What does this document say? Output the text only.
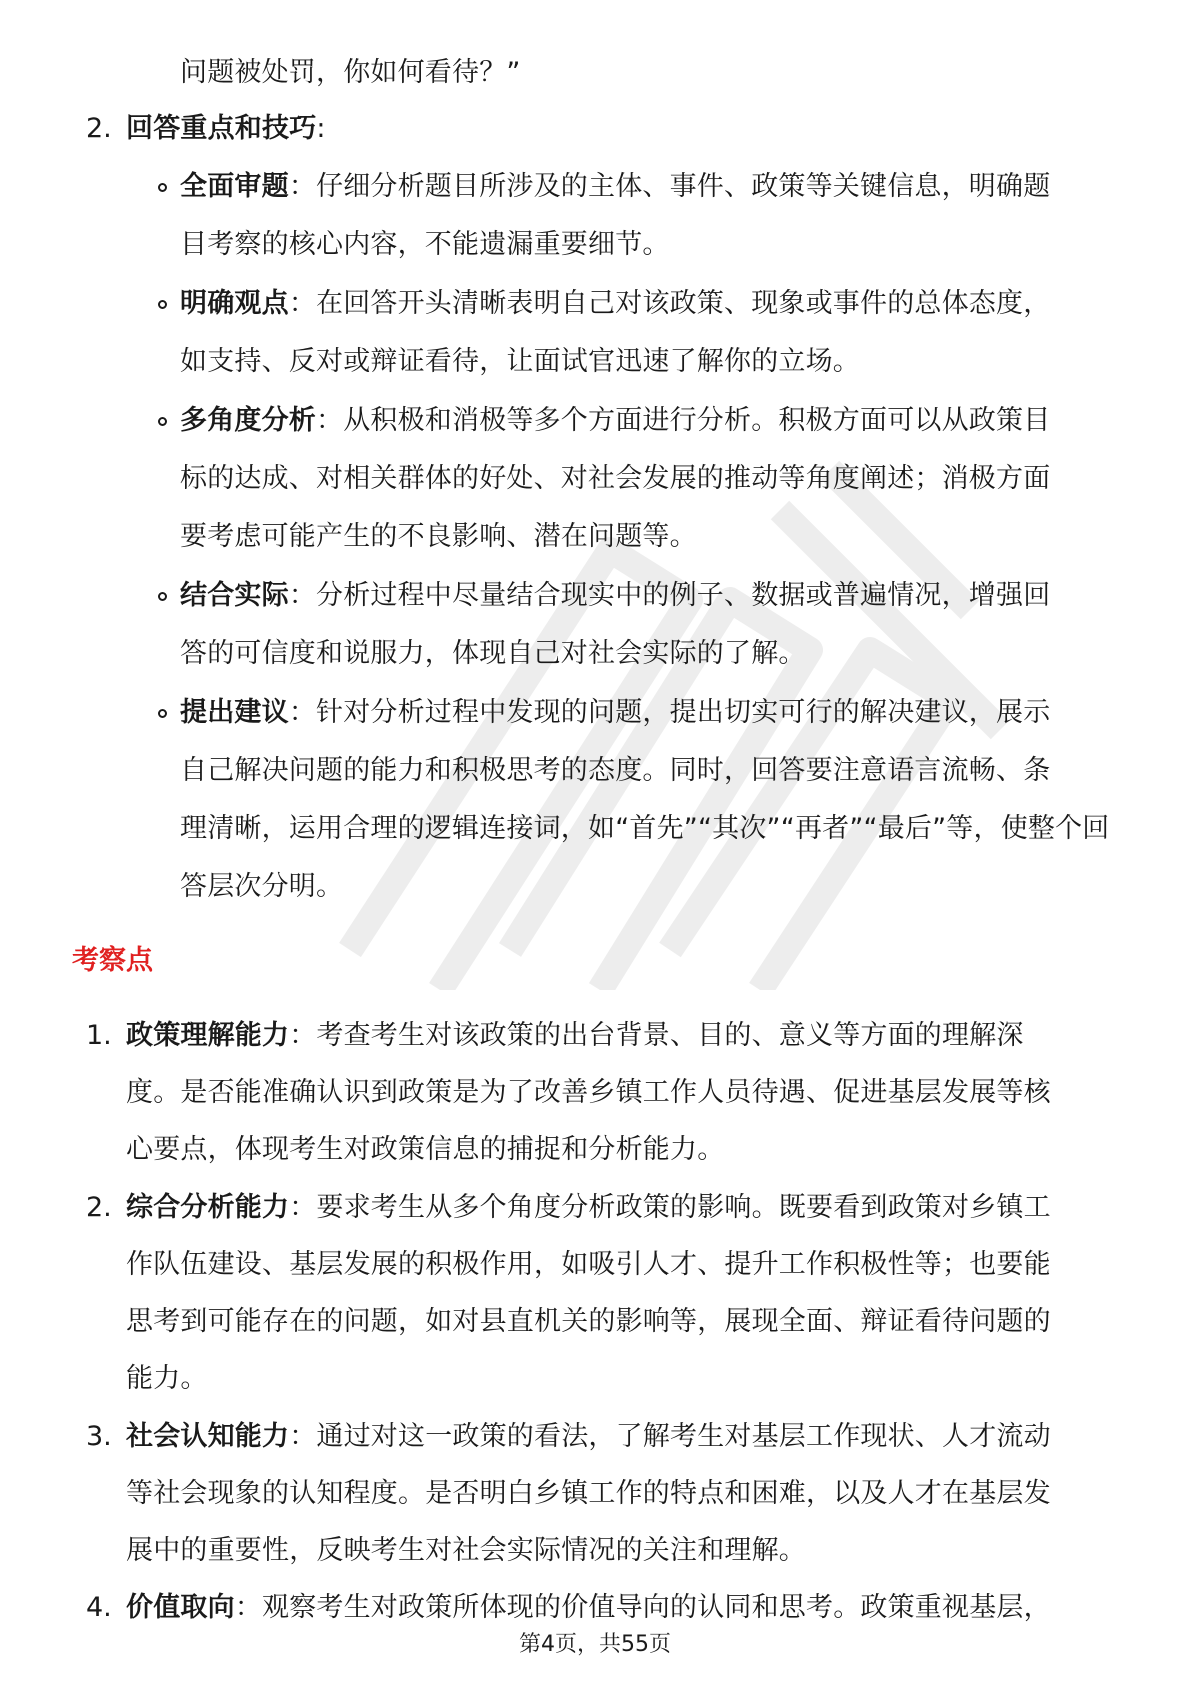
问题被处罚，你如何看待？”
2. 回答重点和技巧:
全面审题：仔细分析题目所涉及的主体、事件、政策等关键信息，明确题
目考察的核心内容，不能遗漏重要细节。
明确观点：在回答开头清晰表明自己对该政策、现象或事件的总体态度，
如支持、反对或辩证看待，让面试官迅速了解你的立场。
多角度分析：从积极和消极等多个方面进行分析。积极方面可以从政策目
标的达成、对相关群体的好处、对社会发展的推动等角度阐述；消极方面
要考虑可能产生的不良影响、潜在问题等。
结合实际：分析过程中尽量结合现实中的例子、数据或普遍情况，增强回
答的可信度和说服力，体现自己对社会实际的了解。
提出建议：针对分析过程中发现的问题，提出切实可行的解决建议，展示
自己解决问题的能力和积极思考的态度。同时，回答要注意语言流畅、条
理清晰，运用合理的逻辑连接词，如“首先”“其次”“再者”“最后”等，使整个回
答层次分明。
考察点
1. 政策理解能力：考查考生对该政策的出台背景、目的、意义等方面的理解深
度。是否能准确认识到政策是为了改善乡镇工作人员待遇、促进基层发展等核
心要点，体现考生对政策信息的捕捉和分析能力。
2. 综合分析能力：要求考生从多个角度分析政策的影响。既要看到政策对乡镇工
作队伍建设、基层发展的积极作用，如吸引人才、提升工作积极性等；也要能
思考到可能存在的问题，如对县直机关的影响等，展现全面、辩证看待问题的
能力。
3. 社会认知能力：通过对这一政策的看法，了解考生对基层工作现状、人才流动
等社会现象的认知程度。是否明白乡镇工作的特点和困难，以及人才在基层发
展中的重要性，反映考生对社会实际情况的关注和理解。
4. 价值取向：观察考生对政策所体现的价值导向的认同和思考。政策重视基层，
第4页，共55页
